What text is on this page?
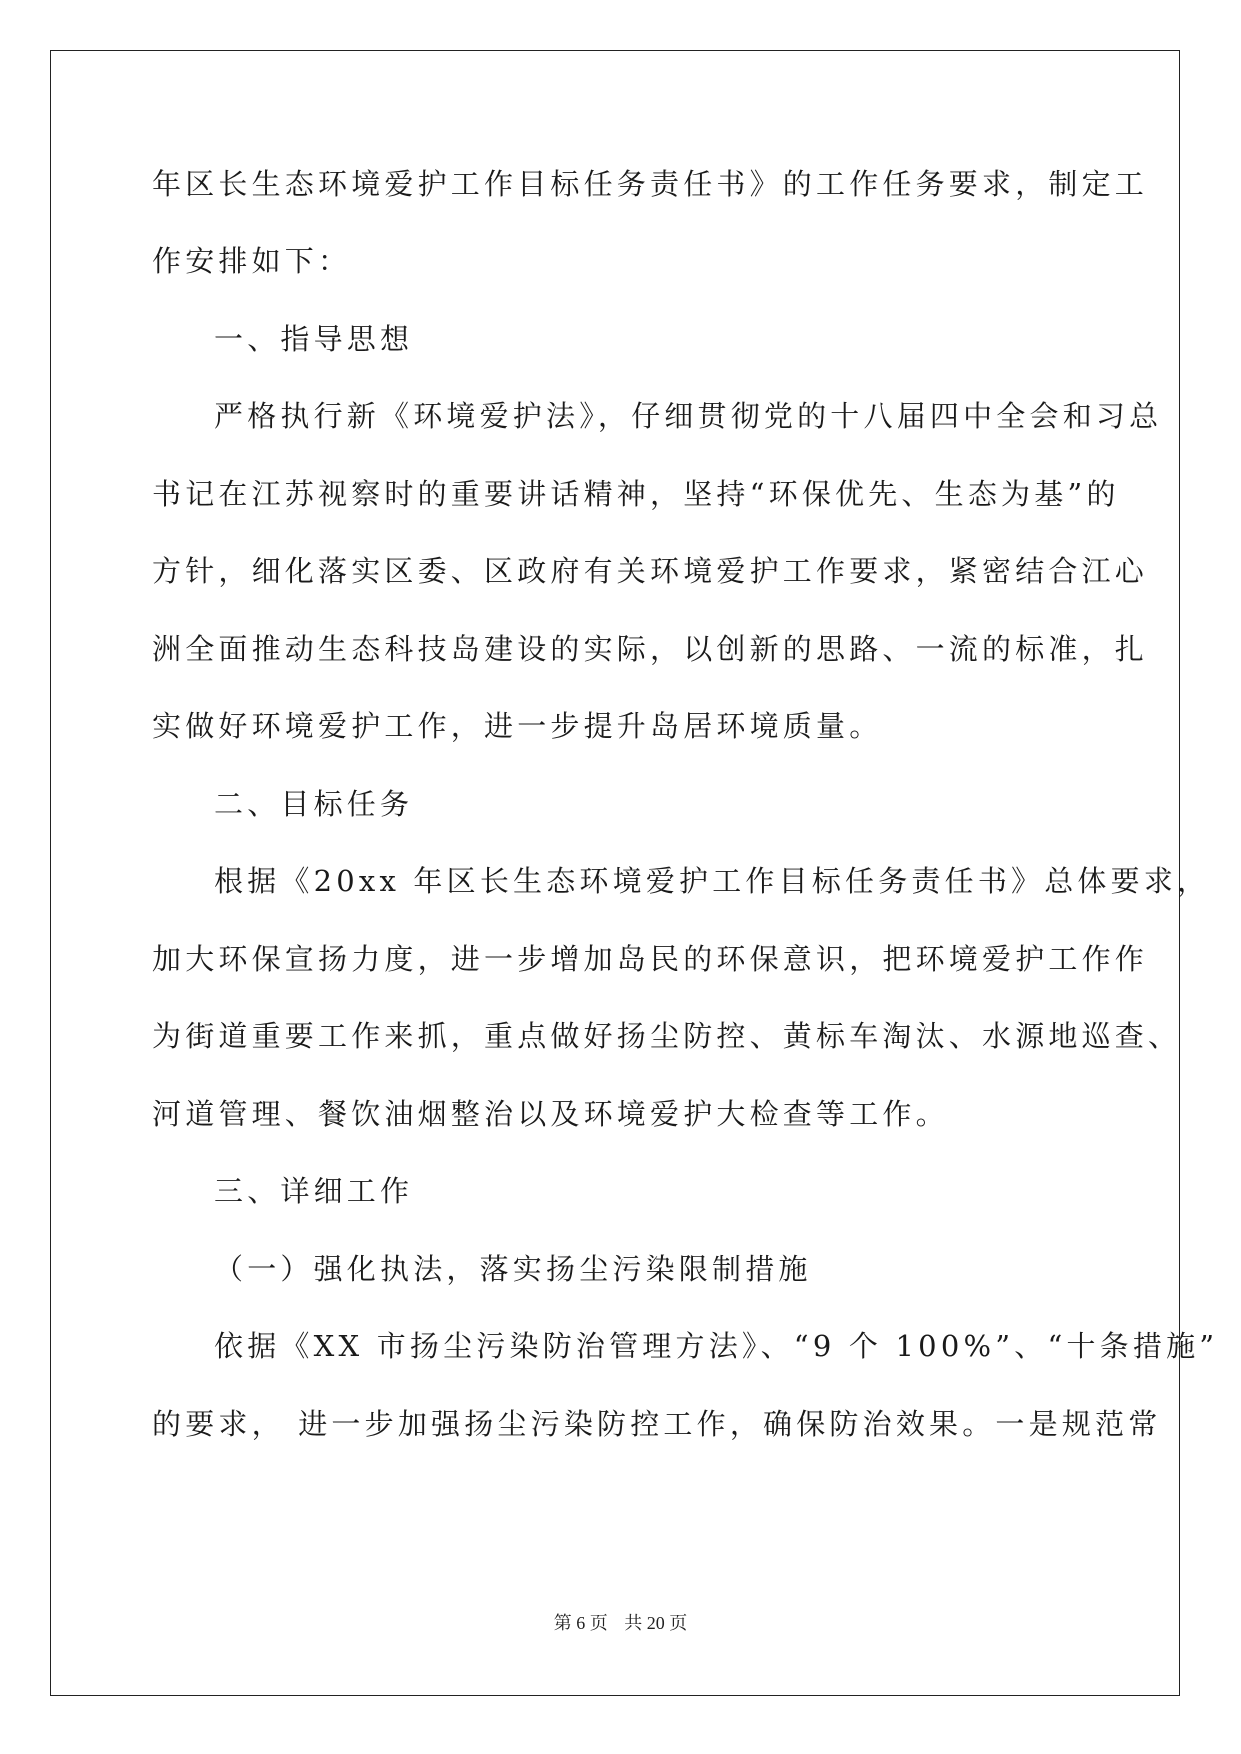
年区长生态环境爱护工作目标任务责任书》的工作任务要求，制定工
作安排如下：
一、指导思想
严格执行新《环境爱护法》，仔细贯彻党的十八届四中全会和习总
书记在江苏视察时的重要讲话精神，坚持“环保优先、生态为基”的
方针，细化落实区委、区政府有关环境爱护工作要求，紧密结合江心
洲全面推动生态科技岛建设的实际，以创新的思路、一流的标准，扎
实做好环境爱护工作，进一步提升岛居环境质量。
二、目标任务
根据《20xx 年区长生态环境爱护工作目标任务责任书》总体要求，
加大环保宣扬力度，进一步增加岛民的环保意识，把环境爱护工作作
为街道重要工作来抓，重点做好扬尘防控、黄标车淘汰、水源地巡查、
河道管理、餐饮油烟整治以及环境爱护大检查等工作。
三、详细工作
（一）强化执法，落实扬尘污染限制措施
依据《XX 市扬尘污染防治管理方法》、“9 个 100%”、“十条措施”
的要求， 进一步加强扬尘污染防控工作，确保防治效果。一是规范常
第 6 页 共 20 页
